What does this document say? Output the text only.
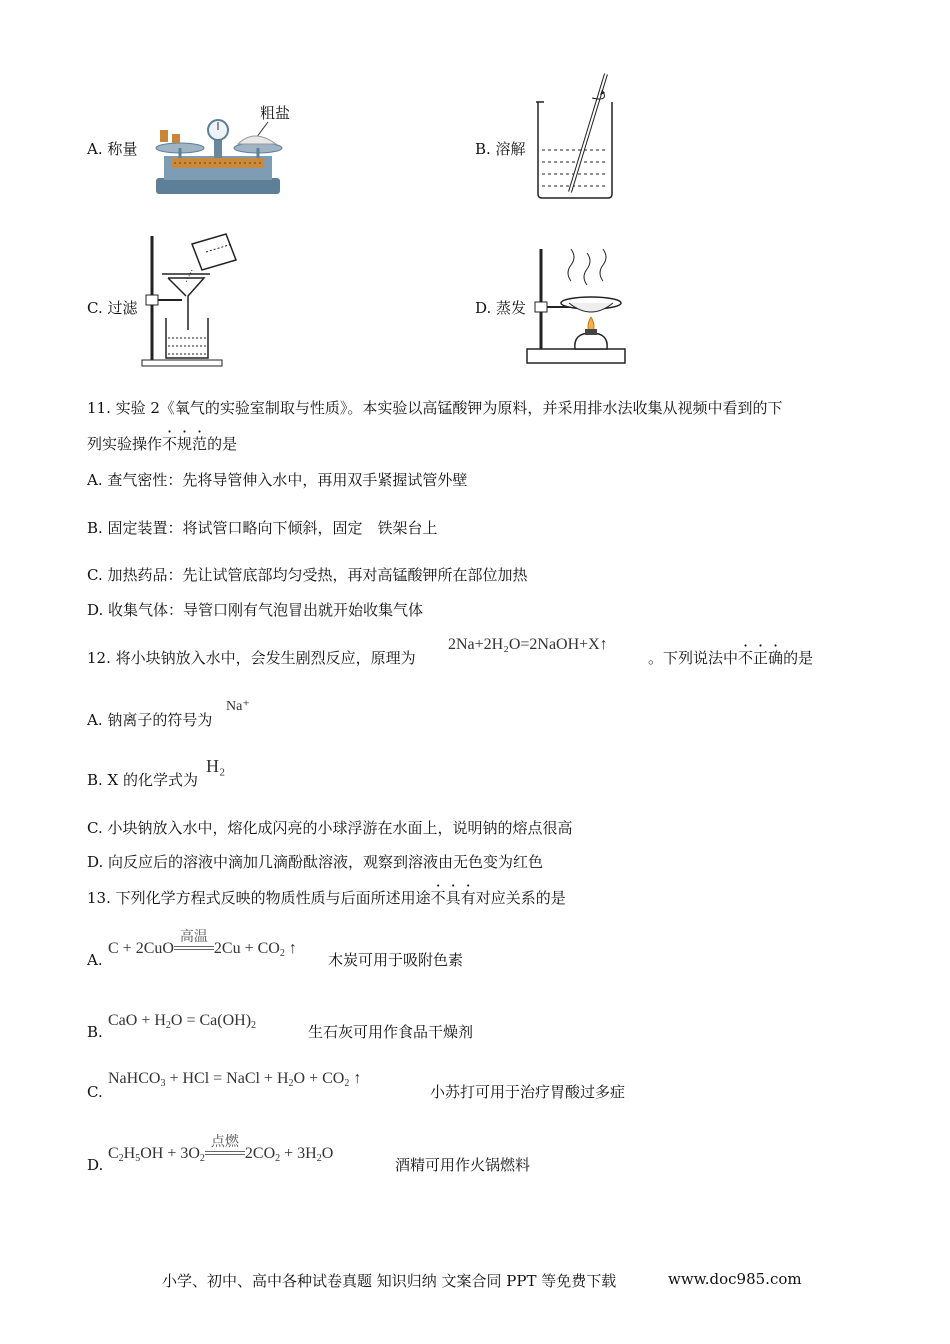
A. 称量
粗盐
B. 溶解
C. 过滤	D. 蒸发
11. 实验 2《氧气的实验室制取与性质》。本实验以高锰酸钾为原料，并采用排水法收集从视频中看到的下
列实验操作不规范的是
A. 查气密性：先将导管伸入水中，再用双手紧握试管外壁
B. 固定装置：将试管口略向下倾斜，固定　铁架台上
C. 加热药品：先让试管底部均匀受热，再对高锰酸钾所在部位加热
D. 收集气体：导管口刚有气泡冒出就开始收集气体
12. 将小块钠放入水中，会发生剧烈反应，原理为
2Na+2H₂O=2NaOH+X↑
。下列说法中不正确的是
A. 钠离子的符号为
Na⁺
B. X 的化学式为
H₂
C. 小块钠放入水中，熔化成闪亮的小球浮游在水面上，说明钠的熔点很高
D. 向反应后的溶液中滴加几滴酚酞溶液，观察到溶液由无色变为红色
13. 下列化学方程式反映的物质性质与后面所述用途不具有对应关系的是
A.
C + 2CuO
高温
$2Cu + CO_2$ ↑
木炭可用于吸附色素
B.
CaO + $H_2O = Ca(OH)_2$	生石灰可用作食品干燥剂
C.
NaHCO$_3$ + HCl = NaCl + $H_2O + CO_2$ ↑
小苏打可用于治疗胃酸过多症
D.
$C_2H_5OH + 3O_2$
点燃
$2CO_2 + 3H_2O$
酒精可用作火锅燃料
小学、初中、高中各种试卷真题 知识归纳 文案合同 PPT 等免费下载	www.doc985.com
